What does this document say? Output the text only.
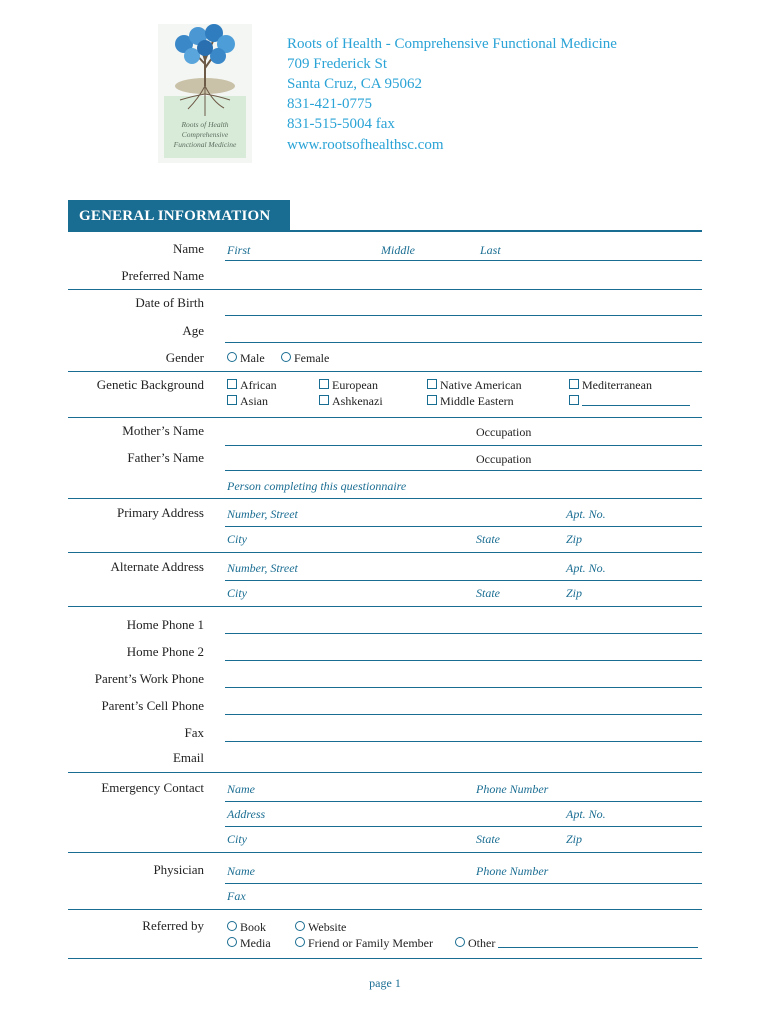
Roots of Health
Comprehensive
Functional Medicine
Roots of Health - Comprehensive Functional Medicine
709 Frederick St
Santa Cruz, CA 95062
831-421-0775
831-515-5004 fax
www.rootsofhealthsc.com
GENERAL INFORMATION
Name First	Middle	Last
Preferred Name
Date of Birth
Age
Gender	Male	Female
Genetic Background	African	European	Native American	Mediterranean
Asian	Ashkenazi	Middle Eastern
Mother’s Name	Occupation
Father’s Name	Occupation
Person completing this questionnaire
Primary Address Number, Street	Apt. No.
City	State	Zip
Alternate Address Number, Street	Apt. No.
City	State	Zip
Home Phone 1
Home Phone 2
Parent’s Work Phone
Parent’s Cell Phone
Fax
Email
Emergency Contact Name	Phone Number
Address	Apt. No.
City	State	Zip
Physician Name	Phone Number
Fax
Referred by	Book	Website
Media	Friend or Family Member	Other
page 1
